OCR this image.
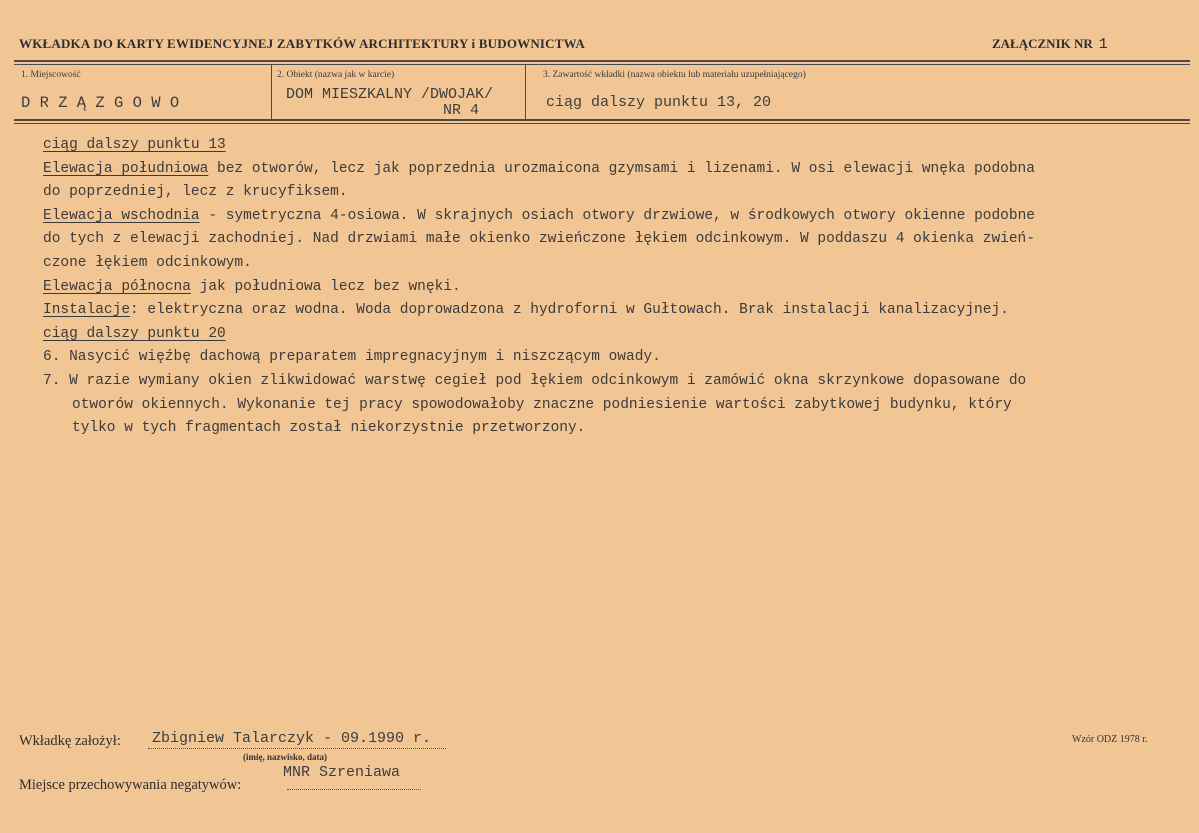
WKŁADKA DO KARTY EWIDENCYJNEJ ZABYTKÓW ARCHITEKTURY i BUDOWNICTWA	ZAŁĄCZNIK NR 1
1. Miejscowość
D R Z Ą Z G O W O
2. Obiekt (nazwa jak w karcie)
DOM MIESZKALNY /DWOJAK/
NR 4
3. Zawartość wkładki (nazwa obiektu lub materiału uzupełniającego)
ciąg dalszy punktu 13, 20
ciąg dalszy punktu 13
Elewacja południowa bez otworów, lecz jak poprzednia urozmaicona gzymsami i lizenami. W osi elewacji wnęka podobna
do poprzedniej, lecz z krucyfiksem.
Elewacja wschodnia - symetryczna 4-osiowa. W skrajnych osiach otwory drzwiowe, w środkowych otwory okienne podobne
do tych z elewacji zachodniej. Nad drzwiami małe okienko zwieńczone łękiem odcinkowym. W poddaszu 4 okienka zwień-
czone łękiem odcinkowym.
Elewacja północna jak południowa lecz bez wnęki.
Instalacje: elektryczna oraz wodna. Woda doprowadzona z hydroforni w Gułtowach. Brak instalacji kanalizacyjnej.
ciąg dalszy punktu 20
6. Nasycić więźbę dachową preparatem impregnacyjnym i niszczącym owady.
7. W razie wymiany okien zlikwidować warstwę cegieł pod łękiem odcinkowym i zamówić okna skrzynkowe dopasowane do
otworów okiennych. Wykonanie tej pracy spowodowałoby znaczne podniesienie wartości zabytkowej budynku, który
tylko w tych fragmentach został niekorzystnie przetworzony.
Wkładkę założył: Zbigniew Talarczyk - 09.1990 r.
(imię, nazwisko, data)
MNR Szreniawa
Miejsce przechowywania negatywów:
Wzór ODZ 1978 r.
